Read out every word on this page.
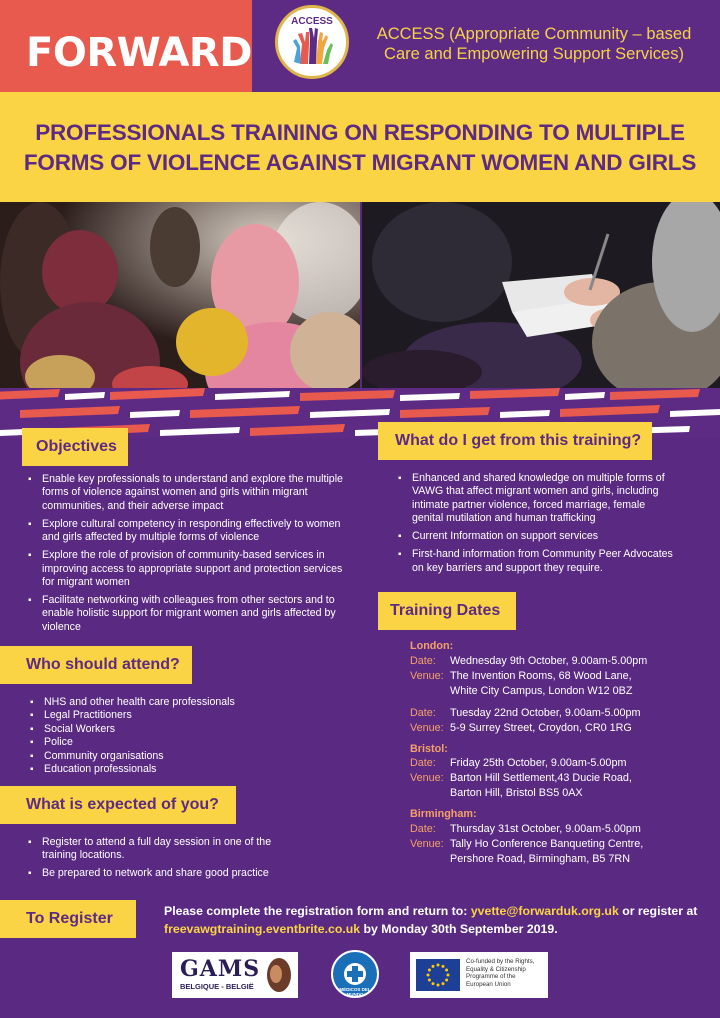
FORWARD
ACCESS
ACCESS (Appropriate Community – based
Care and Empowering Support Services)
PROFESSIONALS TRAINING ON RESPONDING TO MULTIPLE
FORMS OF VIOLENCE AGAINST MIGRANT WOMEN AND GIRLS
Objectives
▪ Enable key professionals to understand and explore the multiple forms of violence against women and girls within migrant communities, and their adverse impact
▪ Explore cultural competency in responding effectively to women and girls affected by multiple forms of violence
▪ Explore the role of provision of community-based services in improving access to appropriate support and protection services for migrant women
▪ Facilitate networking with colleagues from other sectors and to enable holistic support for migrant women and girls affected by violence
Who should attend?
▪ NHS and other health care professionals
▪ Legal Practitioners
▪ Social Workers
▪ Police
▪ Community organisations
▪ Education professionals
What is expected of you?
▪ Register to attend a full day session in one of the training locations.
▪ Be prepared to network and share good practice
What do I get from this training?
▪ Enhanced and shared knowledge on multiple forms of VAWG that affect migrant women and girls, including intimate partner violence, forced marriage, female genital mutilation and human trafficking
▪ Current Information on support services
▪ First-hand information from Community Peer Advocates on key barriers and support they require.
Training Dates
London:
Date:	Wednesday 9th October, 9.00am-5.00pm
Venue: The Invention Rooms, 68 Wood Lane,
White City Campus, London W12 0BZ
Date:	Tuesday 22nd October, 9.00am-5.00pm
Venue: 5-9 Surrey Street, Croydon, CR0 1RG
Bristol:
Date:	Friday 25th October, 9.00am-5.00pm
Venue: Barton Hill Settlement,43 Ducie Road,
Barton Hill, Bristol BS5 0AX
Birmingham:
Date:	Thursday 31st October, 9.00am-5.00pm
Venue: Tally Ho Conference Banqueting Centre,
Pershore Road, Birmingham, B5 7RN
To Register	Please complete the registration form and return to: yvette@forwarduk.org.uk or register at freevawgtraining.eventbrite.co.uk by Monday 30th September 2019.
GAMS
BELGIQUE - BELGIË	MÉDICOS DEL MUNDO
Co-funded by the Rights, Equality & Citizenship Programme of the European Union
